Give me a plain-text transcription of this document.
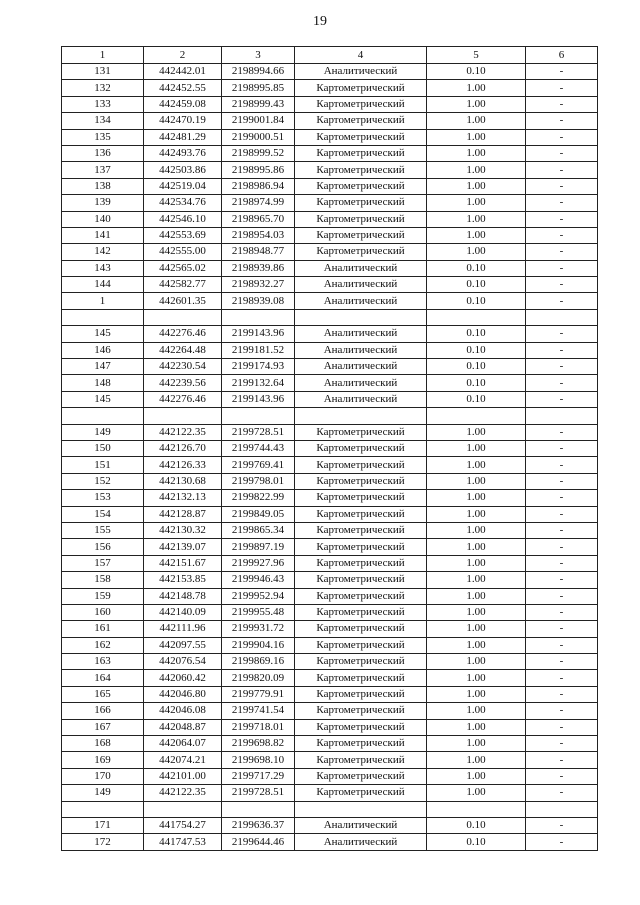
19
1	2	3	4	5	6
131	442442.01	2198994.66	Аналитический	0.10	-
132	442452.55	2198995.85	Картометрический	1.00	-
133	442459.08	2198999.43	Картометрический	1.00	-
134	442470.19	2199001.84	Картометрический	1.00	-
135	442481.29	2199000.51	Картометрический	1.00	-
136	442493.76	2198999.52	Картометрический	1.00	-
137	442503.86	2198995.86	Картометрический	1.00	-
138	442519.04	2198986.94	Картометрический	1.00	-
139	442534.76	2198974.99	Картометрический	1.00	-
140	442546.10	2198965.70	Картометрический	1.00	-
141	442553.69	2198954.03	Картометрический	1.00	-
142	442555.00	2198948.77	Картометрический	1.00	-
143	442565.02	2198939.86	Аналитический	0.10	-
144	442582.77	2198932.27	Аналитический	0.10	-
1	442601.35	2198939.08	Аналитический	0.10	-

145	442276.46	2199143.96	Аналитический	0.10	-
146	442264.48	2199181.52	Аналитический	0.10	-
147	442230.54	2199174.93	Аналитический	0.10	-
148	442239.56	2199132.64	Аналитический	0.10	-
145	442276.46	2199143.96	Аналитический	0.10	-

149	442122.35	2199728.51	Картометрический	1.00	-
150	442126.70	2199744.43	Картометрический	1.00	-
151	442126.33	2199769.41	Картометрический	1.00	-
152	442130.68	2199798.01	Картометрический	1.00	-
153	442132.13	2199822.99	Картометрический	1.00	-
154	442128.87	2199849.05	Картометрический	1.00	-
155	442130.32	2199865.34	Картометрический	1.00	-
156	442139.07	2199897.19	Картометрический	1.00	-
157	442151.67	2199927.96	Картометрический	1.00	-
158	442153.85	2199946.43	Картометрический	1.00	-
159	442148.78	2199952.94	Картометрический	1.00	-
160	442140.09	2199955.48	Картометрический	1.00	-
161	442111.96	2199931.72	Картометрический	1.00	-
162	442097.55	2199904.16	Картометрический	1.00	-
163	442076.54	2199869.16	Картометрический	1.00	-
164	442060.42	2199820.09	Картометрический	1.00	-
165	442046.80	2199779.91	Картометрический	1.00	-
166	442046.08	2199741.54	Картометрический	1.00	-
167	442048.87	2199718.01	Картометрический	1.00	-
168	442064.07	2199698.82	Картометрический	1.00	-
169	442074.21	2199698.10	Картометрический	1.00	-
170	442101.00	2199717.29	Картометрический	1.00	-
149	442122.35	2199728.51	Картометрический	1.00	-

171	441754.27	2199636.37	Аналитический	0.10	-
172	441747.53	2199644.46	Аналитический	0.10	-
